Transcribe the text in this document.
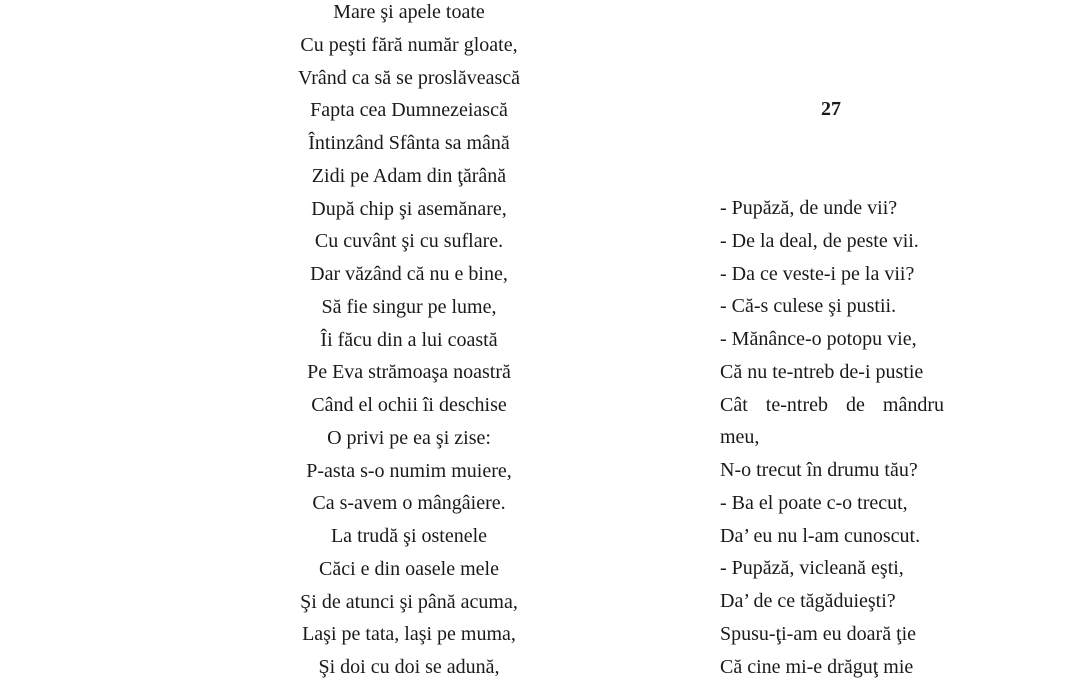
Mare şi apele toate
Cu peşti fără număr gloate,
Vrând ca să se proslăvească
Fapta cea Dumnezeiască
Întinzând Sfânta sa mână
Zidi pe Adam din ţărână
După chip şi asemănare,
Cu cuvânt şi cu suflare.
Dar văzând că nu e bine,
Să fie singur pe lume,
Îi făcu din a lui coastă
Pe Eva strămoaşa noastră
Când el ochii îi deschise
O privi pe ea şi zise:
P-asta s-o numim muiere,
Ca s-avem o mângâiere.
La trudă şi ostenele
Căci e din oasele mele
Şi de atunci şi până acuma,
Laşi pe tata, laşi pe muma,
Şi doi cu doi se adună,
27
- Pupăză, de unde vii?
- De la deal, de peste vii.
- Da ce veste-i pe la vii?
- Că-s culese şi pustii.
- Mănânce-o potopu vie,
Că nu te-ntreb de-i pustie
Cât te-ntreb de mândru
meu,
N-o trecut în drumu tău?
- Ba el poate c-o trecut,
Da’ eu nu l-am cunoscut.
- Pupăză, vicleană eşti,
Da’ de ce tăgăduieşti?
Spusu-ţi-am eu doară ţie
Că cine mi-e drăguţ mie
